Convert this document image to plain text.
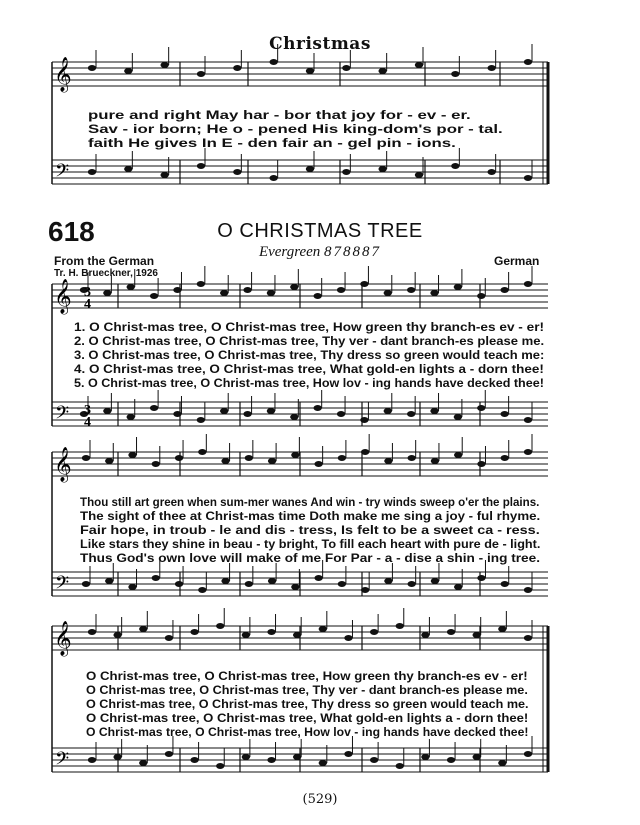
𝄞
𝄢
𝄞
𝄢
𝄞
𝄢
𝄞
𝄢
3
4
3
4
Christmas
pure and right May har - bor that joy for - ev - er.
Sav - ior born; He o - pened His king-dom's por - tal.
faith He gives In E - den fair an - gel pin - ions.
618	O CHRISTMAS TREE
Evergreen 878887
From the German
Tr. H. Brueckner, 1926
German
1. O Christ-mas tree, O Christ-mas tree, How green thy branch-es ev - er!
2. O Christ-mas tree, O Christ-mas tree, Thy ver - dant branch-es please me.
3. O Christ-mas tree, O Christ-mas tree, Thy dress so green would teach me:
4. O Christ-mas tree, O Christ-mas tree, What gold-en lights a - dorn thee!
5. O Christ-mas tree, O Christ-mas tree, How lov - ing hands have decked thee!
Thou still art green when sum-mer wanes And win - try winds sweep o'er the plains.
The sight of thee at Christ-mas time Doth make me sing a joy - ful rhyme.
Fair hope, in troub - le and dis - tress, Is felt to be a sweet ca - ress.
Like stars they shine in beau - ty bright, To fill each heart with pure de - light.
Thus God's own love will make of me For Par - a - dise a shin - ing tree.
O Christ-mas tree, O Christ-mas tree, How green thy branch-es ev - er!
O Christ-mas tree, O Christ-mas tree, Thy ver - dant branch-es please me.
O Christ-mas tree, O Christ-mas tree, Thy dress so green would teach me.
O Christ-mas tree, O Christ-mas tree, What gold-en lights a - dorn thee!
O Christ-mas tree, O Christ-mas tree, How lov - ing hands have decked thee!
(529)
